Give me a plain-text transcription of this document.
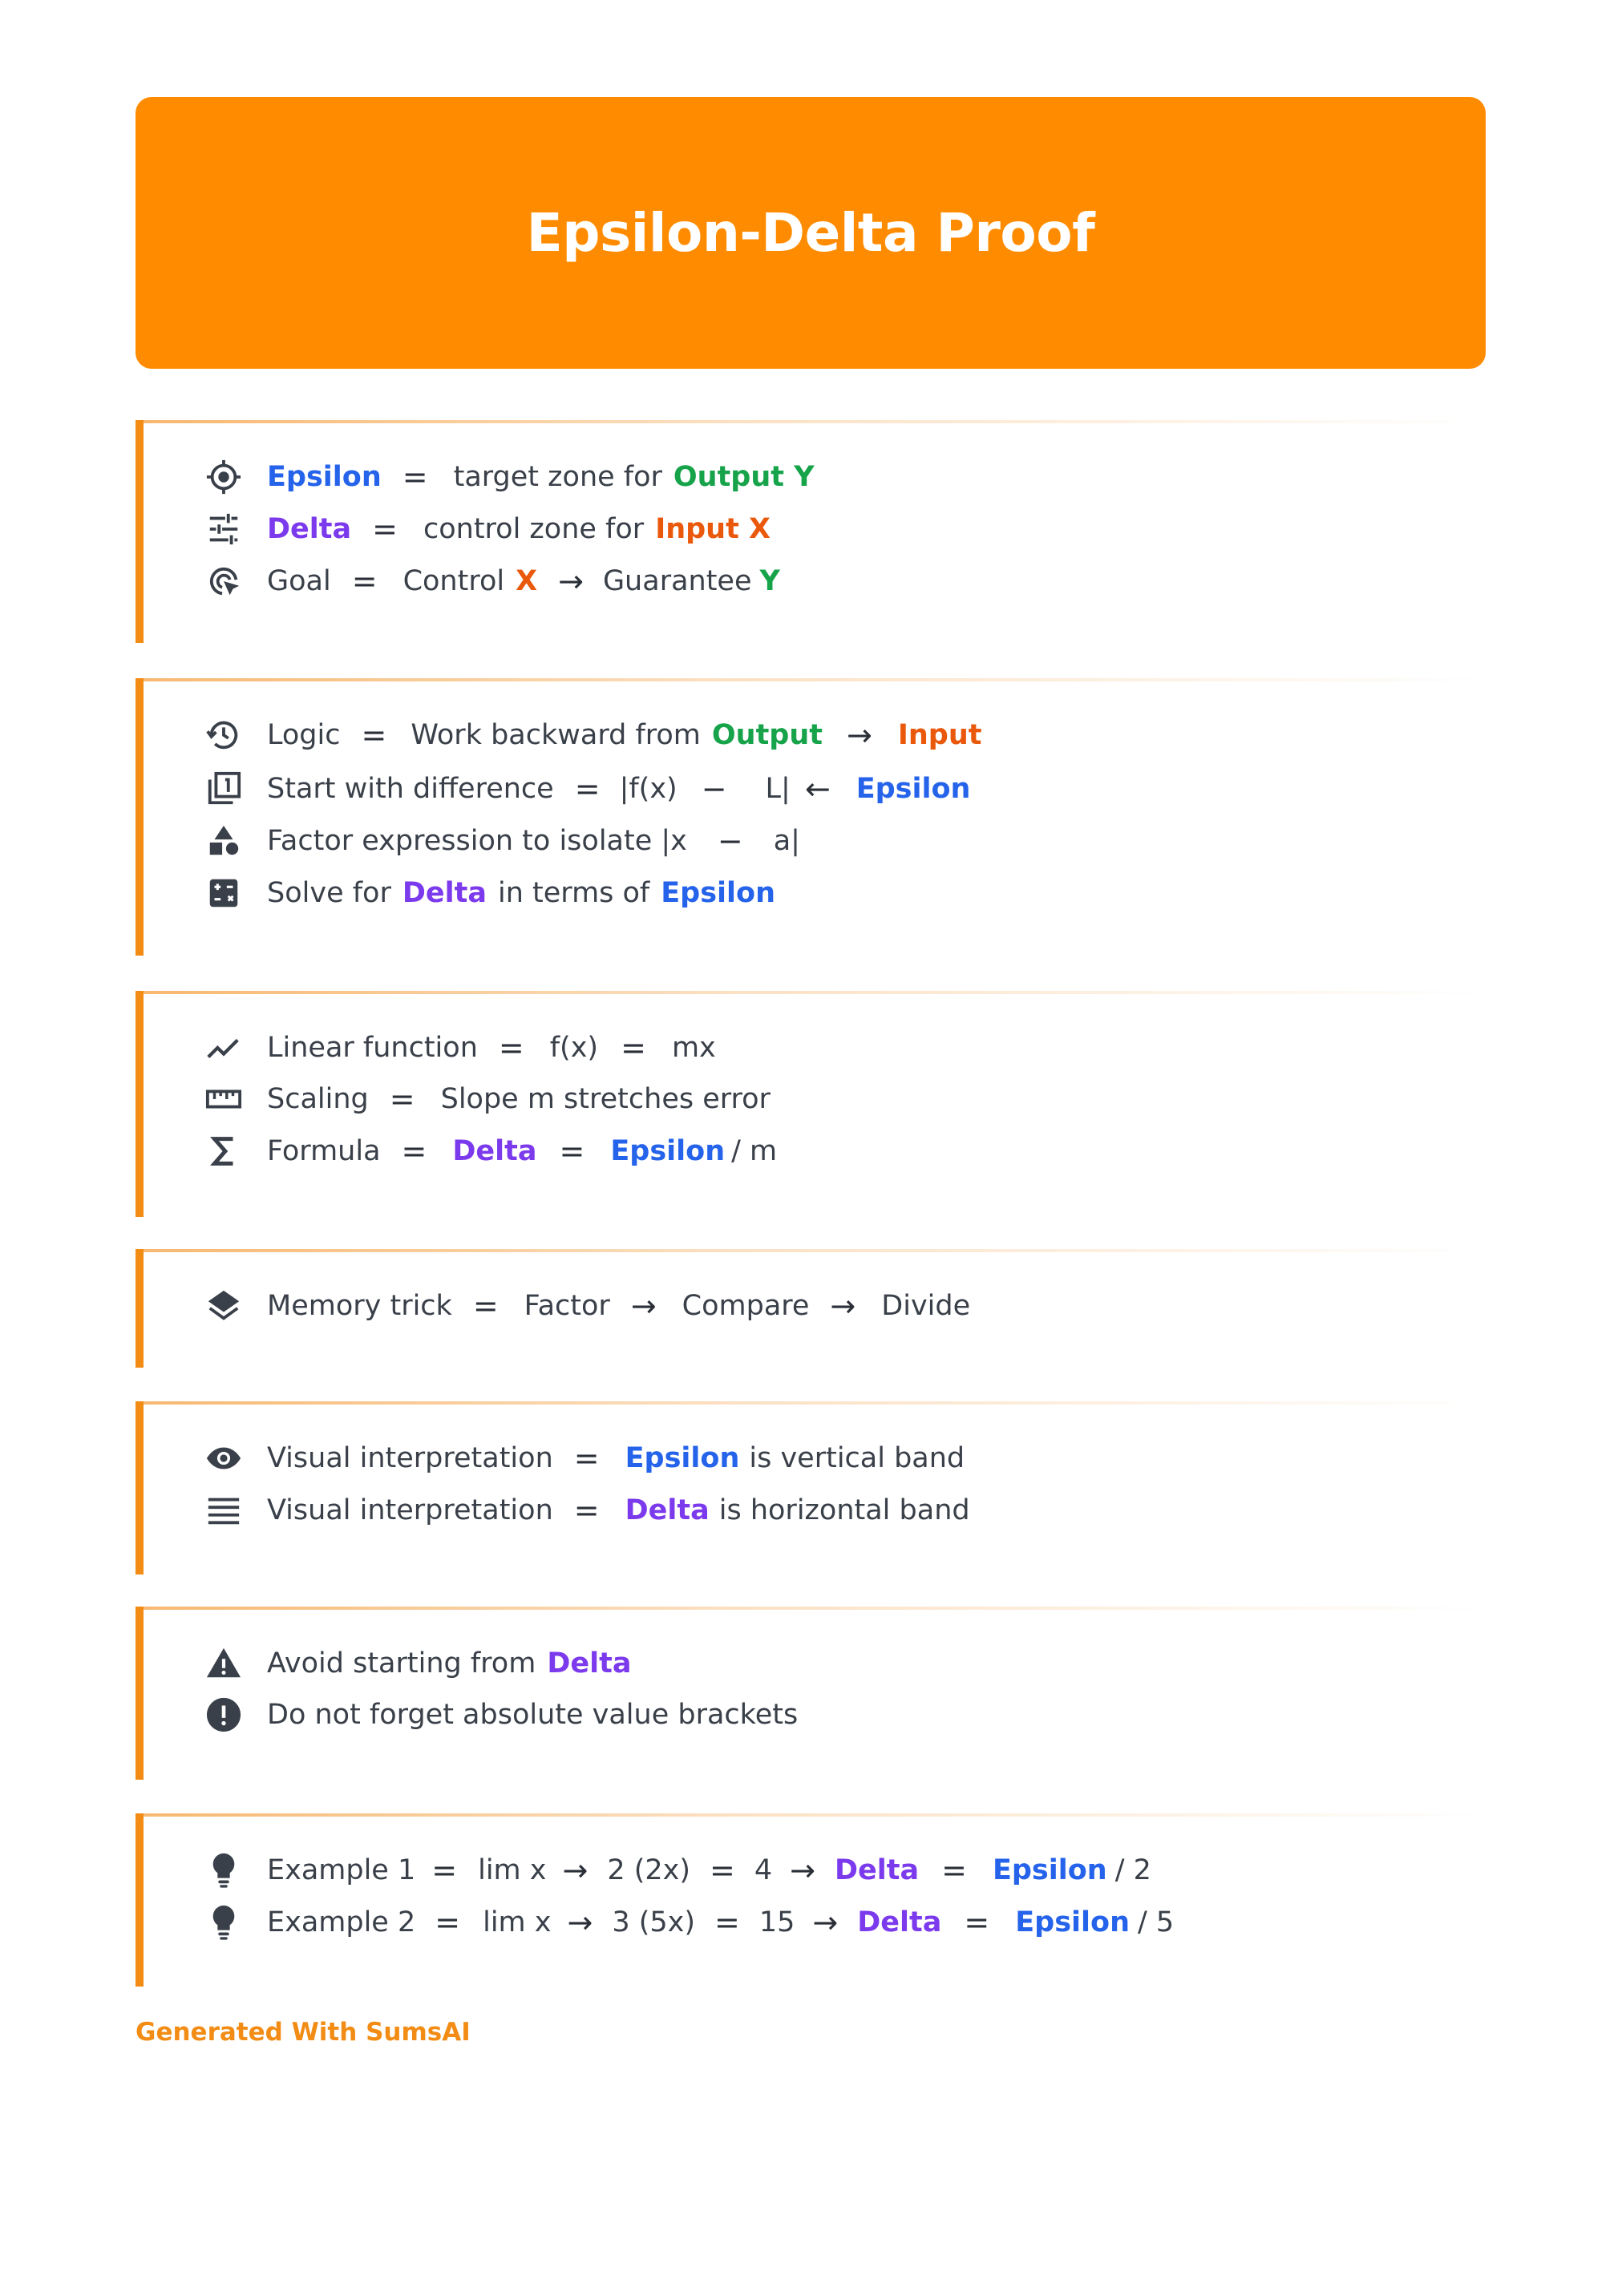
Epsilon-Delta Proof
Epsilon = target zone for Output Y
Delta = control zone for Input X
Goal = Control X → Guarantee Y
Logic = Work backward from Output → Input
Start with difference = |f(x) − L| ← Epsilon
Factor expression to isolate |x − a|
Solve for Delta in terms of Epsilon
Linear function = f(x) = mx
Scaling = Slope m stretches error
Formula = Delta = Epsilon / m
Memory trick = Factor → Compare → Divide
Visual interpretation = Epsilon is vertical band
Visual interpretation = Delta is horizontal band
Avoid starting from Delta
Do not forget absolute value brackets
Example 1 = lim x → 2 (2x) = 4 → Delta = Epsilon / 2
Example 2 = lim x → 3 (5x) = 15 → Delta = Epsilon / 5
Generated With SumsAI
